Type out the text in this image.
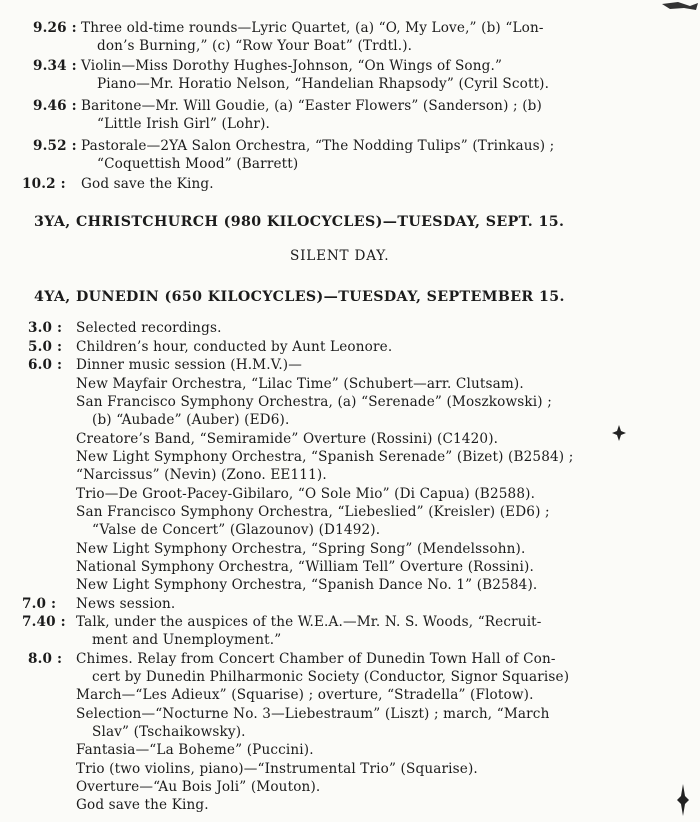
9.26 : Three old-time rounds—Lyric Quartet, (a) “O, My Love,” (b) “Lon-
don’s Burning,” (c) “Row Your Boat” (Trdtl.).
9.34 : Violin—Miss Dorothy Hughes-Johnson, “On Wings of Song.”
Piano—Mr. Horatio Nelson, “Handelian Rhapsody” (Cyril Scott).
9.46 : Baritone—Mr. Will Goudie, (a) “Easter Flowers” (Sanderson) ; (b)
“Little Irish Girl” (Lohr).
9.52 : Pastorale—2YA Salon Orchestra, “The Nodding Tulips” (Trinkaus) ;
“Coquettish Mood” (Barrett)
10.2 : God save the King.
3YA, CHRISTCHURCH (980 KILOCYCLES)—TUESDAY, SEPT. 15.
SILENT DAY.
4YA, DUNEDIN (650 KILOCYCLES)—TUESDAY, SEPTEMBER 15.
3.0 : Selected recordings.
5.0 : Children’s hour, conducted by Aunt Leonore.
6.0 : Dinner music session (H.M.V.)—
New Mayfair Orchestra, “Lilac Time” (Schubert—arr. Clutsam).
San Francisco Symphony Orchestra, (a) “Serenade” (Moszkowski) ;
(b) “Aubade” (Auber) (ED6).
Creatore’s Band, “Semiramide” Overture (Rossini) (C1420).
New Light Symphony Orchestra, “Spanish Serenade” (Bizet) (B2584) ;
“Narcissus” (Nevin) (Zono. EE111).
Trio—De Groot-Pacey-Gibilaro, “O Sole Mio” (Di Capua) (B2588).
San Francisco Symphony Orchestra, “Liebeslied” (Kreisler) (ED6) ;
“Valse de Concert” (Glazounov) (D1492).
New Light Symphony Orchestra, “Spring Song” (Mendelssohn).
National Symphony Orchestra, “William Tell” Overture (Rossini).
New Light Symphony Orchestra, “Spanish Dance No. 1” (B2584).
7.0 : News session.
7.40 : Talk, under the auspices of the W.E.A.—Mr. N. S. Woods, “Recruit-
ment and Unemployment.”
8.0 : Chimes. Relay from Concert Chamber of Dunedin Town Hall of Con-
cert by Dunedin Philharmonic Society (Conductor, Signor Squarise)
March—“Les Adieux” (Squarise) ; overture, “Stradella” (Flotow).
Selection—“Nocturne No. 3—Liebestraum” (Liszt) ; march, “March
Slav” (Tschaikowsky).
Fantasia—“La Boheme” (Puccini).
Trio (two violins, piano)—“Instrumental Trio” (Squarise).
Overture—“Au Bois Joli” (Mouton).
God save the King.
